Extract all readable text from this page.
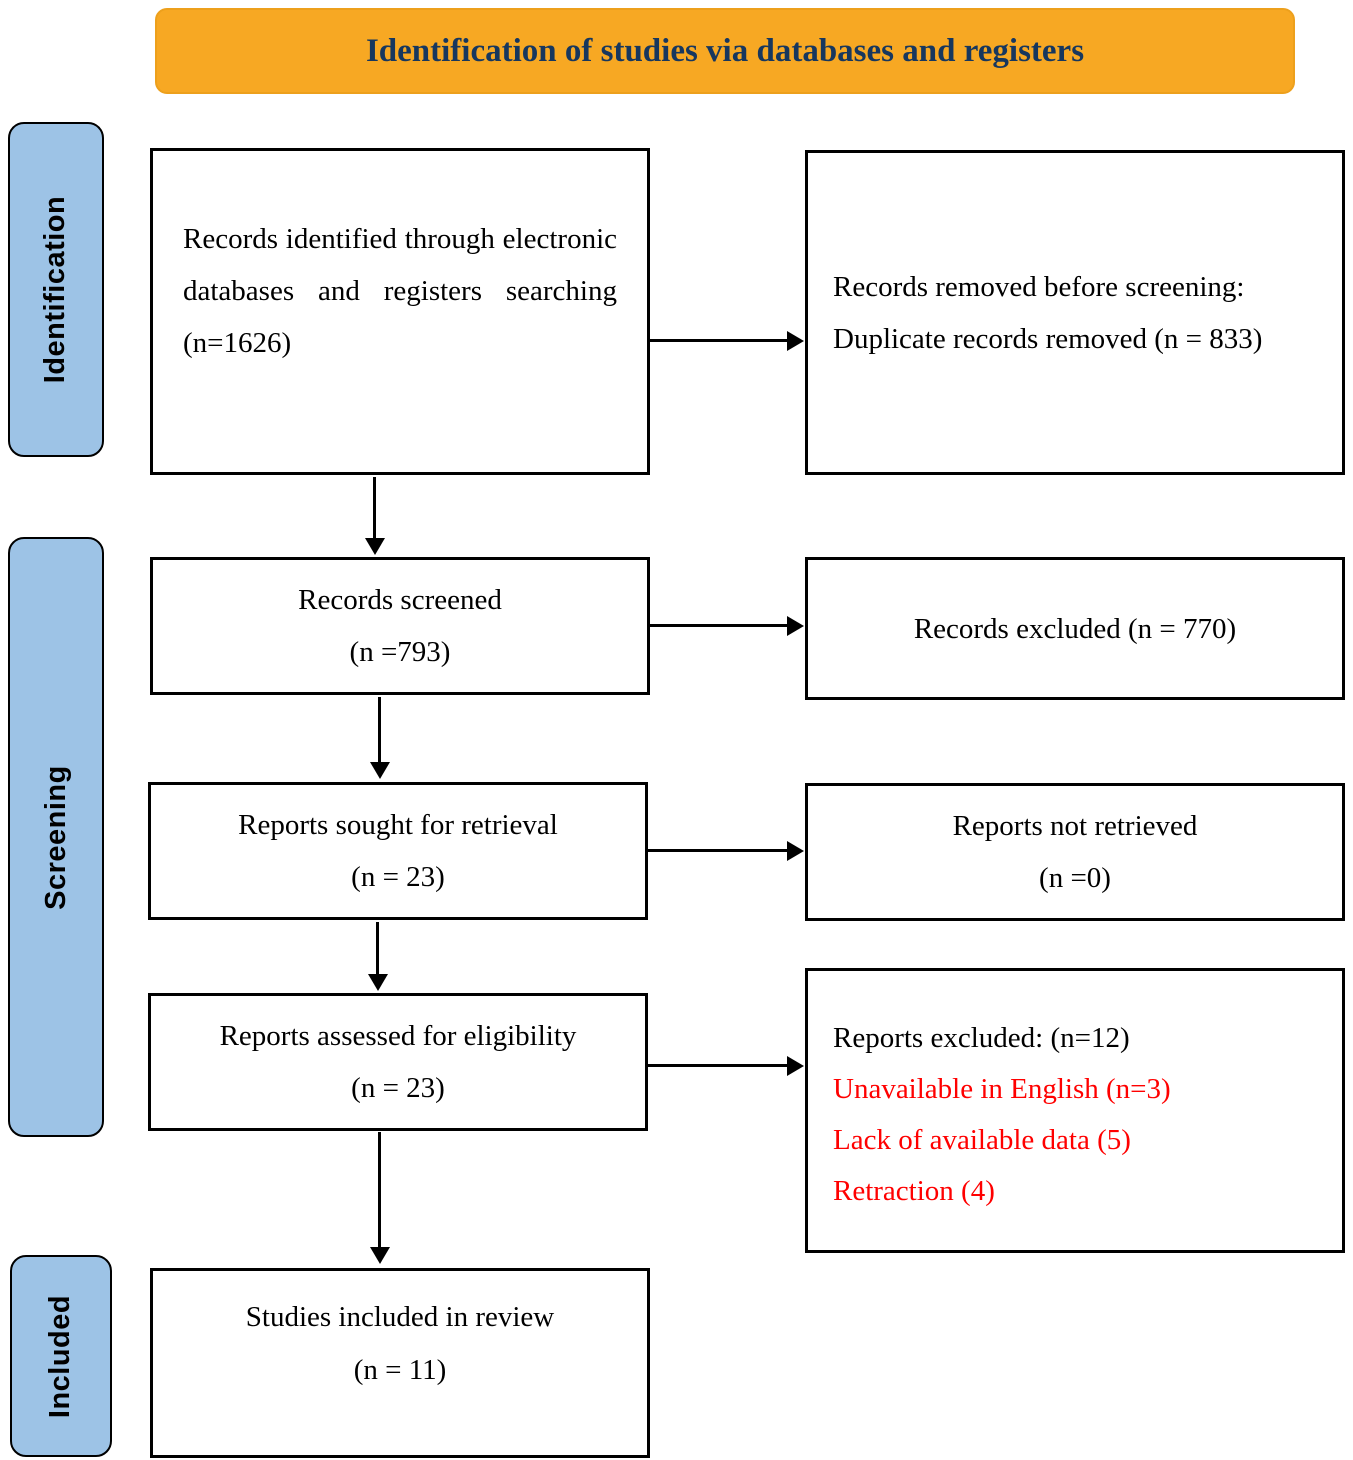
Identification of studies via databases and registers
Identification
Screening
Included

Records identified through electronic databases and registers searching (n=1626)

Records removed before screening:
Duplicate records removed (n = 833)
Records screened
(n =793)
Records excluded (n = 770)
Reports sought for retrieval
(n = 23)
Reports not retrieved
(n =0)
Reports assessed for eligibility
(n = 23)
Reports excluded: (n=12)
Unavailable in English (n=3)
Lack of available data (5)
Retraction (4)
Studies included in review
(n = 11)
